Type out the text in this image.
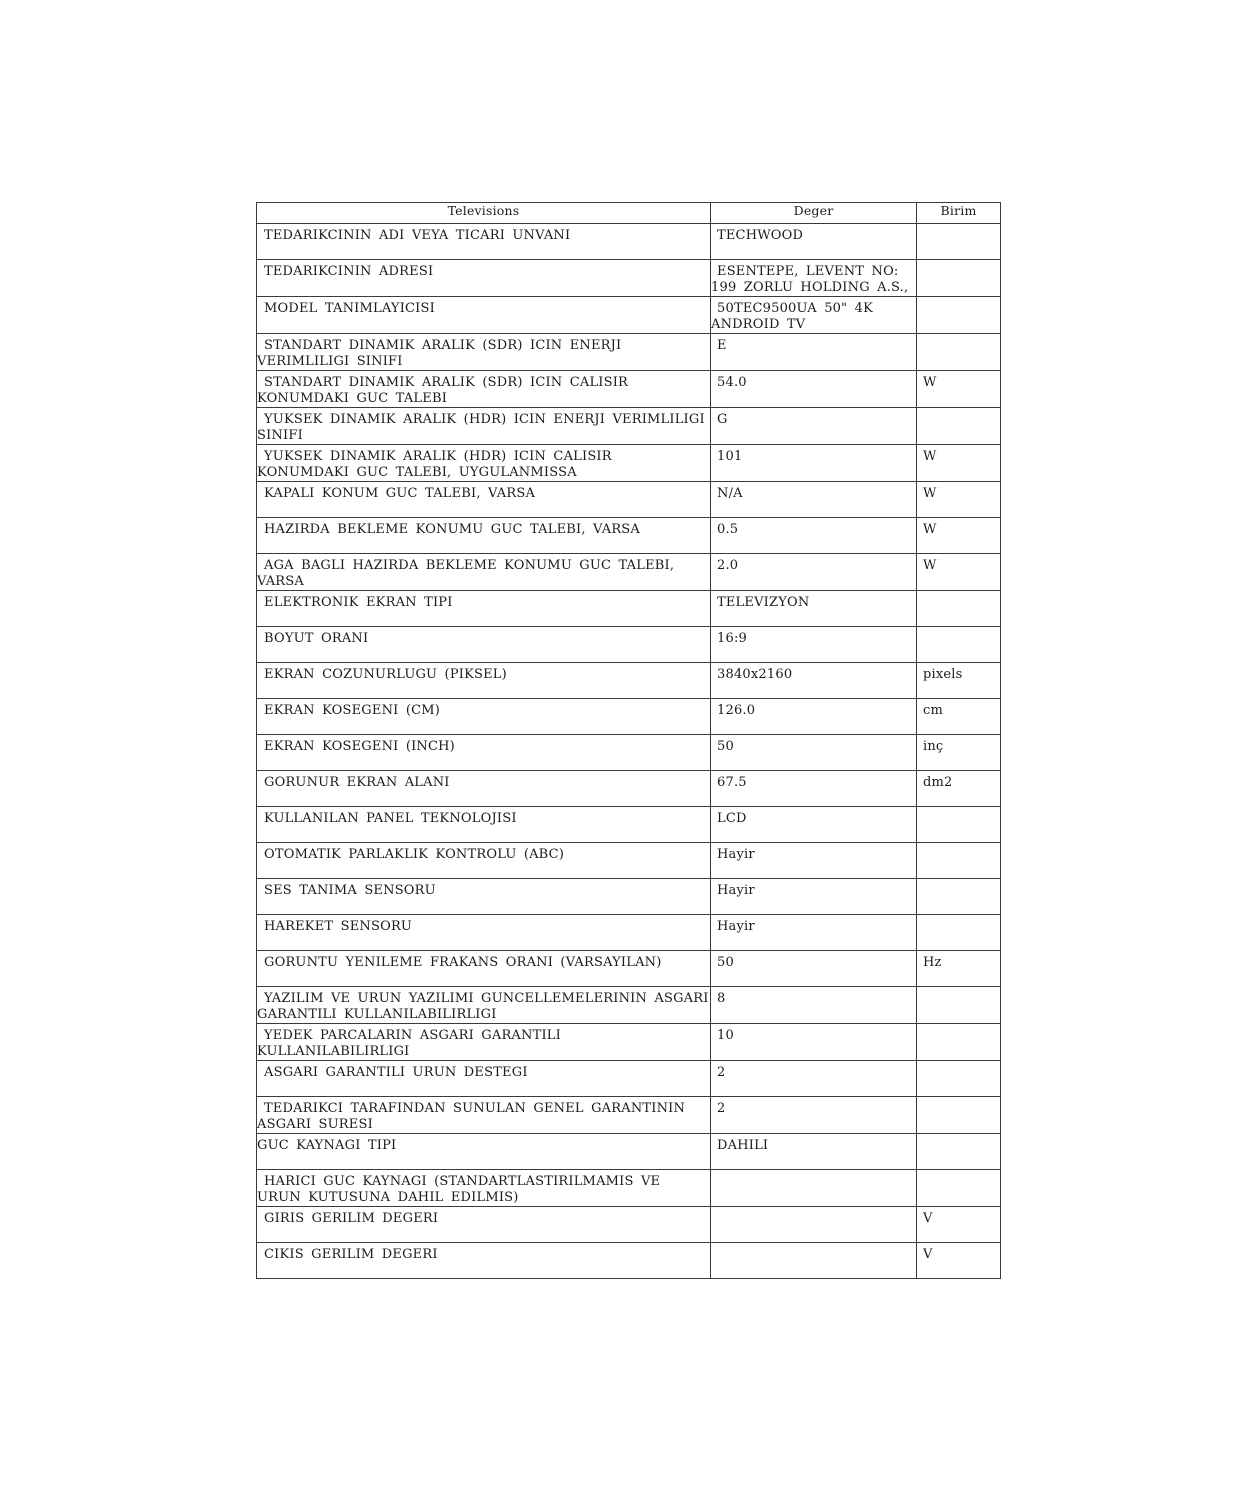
Televisions	Deger	Birim

TEDARIKCININ ADI VEYA TICARI UNVANI	TECHWOOD	

TEDARIKCININ ADRESI	ESENTEPE, LEVENT NO: 199 ZORLU HOLDING A.S.,	

MODEL TANIMLAYICISI	50TEC9500UA 50" 4K ANDROID TV	

STANDART DINAMIK ARALIK (SDR) ICIN ENERJI VERIMLILIGI SINIFI	E	

STANDART DINAMIK ARALIK (SDR) ICIN CALISIR KONUMDAKI GUC TALEBI	54.0	W

YUKSEK DINAMIK ARALIK (HDR) ICIN ENERJI VERIMLILIGI SINIFI	G	

YUKSEK DINAMIK ARALIK (HDR) ICIN CALISIR KONUMDAKI GUC TALEBI, UYGULANMISSA	101	W

KAPALI KONUM GUC TALEBI, VARSA	N/A	W

HAZIRDA BEKLEME KONUMU GUC TALEBI, VARSA	0.5	W

AGA BAGLI HAZIRDA BEKLEME KONUMU GUC TALEBI, VARSA	2.0	W

ELEKTRONIK EKRAN TIPI	TELEVIZYON	

BOYUT ORANI	16:9	

EKRAN COZUNURLUGU (PIKSEL)	3840x2160	pixels

EKRAN KOSEGENI (CM)	126.0	cm

EKRAN KOSEGENI (INCH)	50	inç

GORUNUR EKRAN ALANI	67.5	dm2

KULLANILAN PANEL TEKNOLOJISI	LCD	

OTOMATIK PARLAKLIK KONTROLU (ABC)	Hayir	

SES TANIMA SENSORU	Hayir	

HAREKET SENSORU	Hayir	

GORUNTU YENILEME FRAKANS ORANI (VARSAYILAN)	50	Hz

YAZILIM VE URUN YAZILIMI GUNCELLEMELERININ ASGARI GARANTILI KULLANILABILIRLIGI	8	

YEDEK PARCALARIN ASGARI GARANTILI KULLANILABILIRLIGI	10	

ASGARI GARANTILI URUN DESTEGI	2	

TEDARIKCI TARAFINDAN SUNULAN GENEL GARANTININ ASGARI SURESI	2	

GUC KAYNAGI TIPI	DAHILI	

HARICI GUC KAYNAGI (STANDARTLASTIRILMAMIS VE URUN KUTUSUNA DAHIL EDILMIS)		

GIRIS GERILIM DEGERI		V

CIKIS GERILIM DEGERI		V
